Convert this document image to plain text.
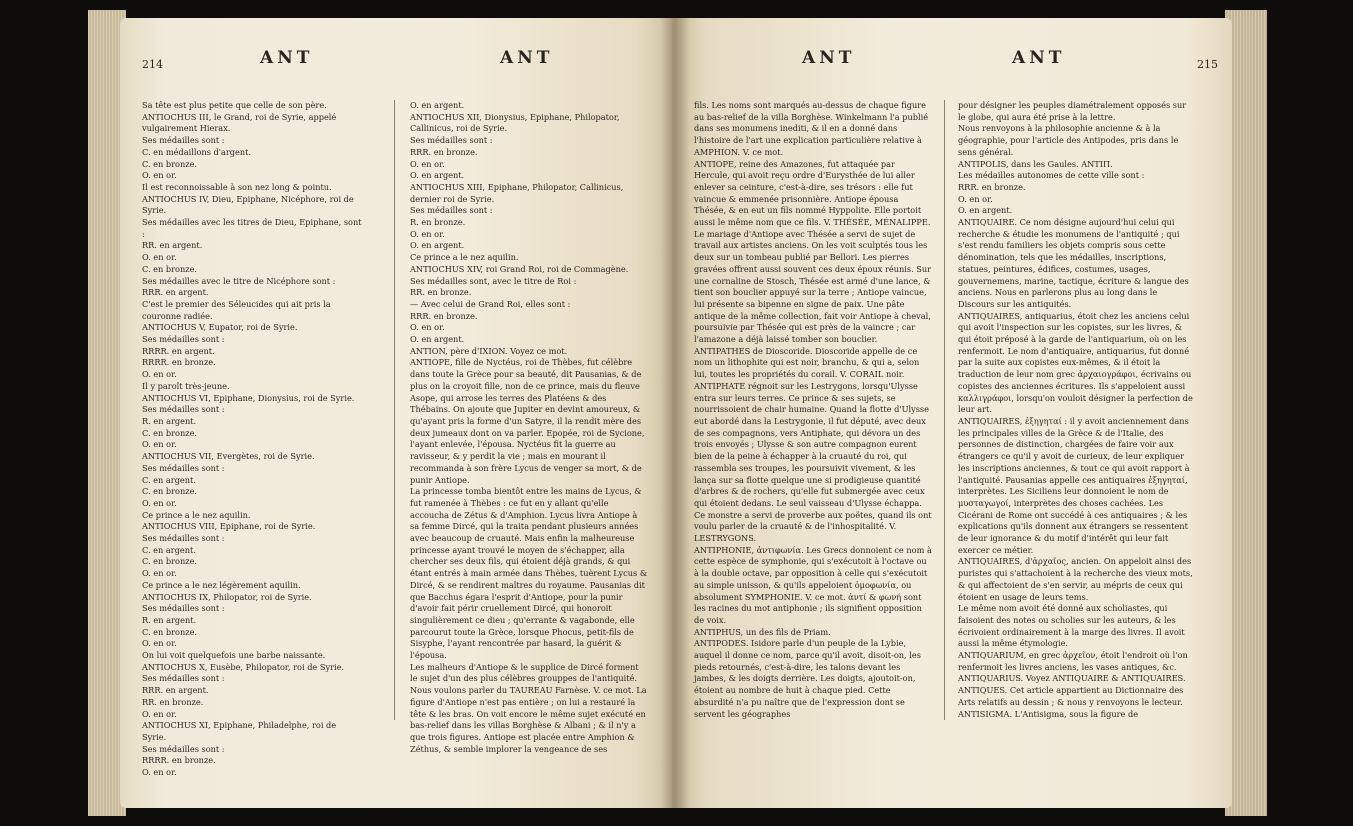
214	ANT	ANT

Sa tête est plus petite que celle de son père.

ANTIOCHUS III, le Grand, roi de Syrie, appelé vulgairement Hierax.

Ses médailles sont :

C. en médaillons d'argent.

C. en bronze.

O. en or.

Il est reconnoissable à son nez long & pointu.

ANTIOCHUS IV, Dieu, Epiphane, Nicéphore, roi de Syrie.

Ses médailles avec les titres de Dieu, Epiphane, sont :

RR. en argent.

O. en or.

C. en bronze.

Ses médailles avec le titre de Nicéphore sont :

RRR. en argent.

C'est le premier des Séleucides qui ait pris la couronne radiée.

ANTIOCHUS V, Eupator, roi de Syrie.

Ses médailles sont :

RRRR. en argent.

RRRR. en bronze.

O. en or.

Il y paroît très-jeune.

ANTIOCHUS VI, Epiphane, Dionysius, roi de Syrie.

Ses médailles sont :

R. en argent.

C. en bronze.

O. en or.

ANTIOCHUS VII, Evergètes, roi de Syrie.

Ses médailles sont :

C. en argent.

C. en bronze.

O. en or.

Ce prince a le nez aquilin.

ANTIOCHUS VIII, Epiphane, roi de Syrie.

Ses médailles sont :

C. en argent.

C. en bronze.

O. en or.

Ce prince a le nez légèrement aquilin.

ANTIOCHUS IX, Philopator, roi de Syrie.

Ses médailles sont :

R. en argent.

C. en bronze.

O. en or.

On lui voit quelquefois une barbe naissante.

ANTIOCHUS X, Eusèbe, Philopator, roi de Syrie.

Ses médailles sont :

RRR. en argent.

RR. en bronze.

O. en or.

ANTIOCHUS XI, Epiphane, Philadelphe, roi de Syrie.

Ses médailles sont :

RRRR. en bronze.

O. en or.

O. en argent.

ANTIOCHUS XII, Dionysius, Epiphane, Philopator, Callinicus, roi de Syrie.

Ses médailles sont :

RRR. en bronze.

O. en or.

O. en argent.

ANTIOCHUS XIII, Epiphane, Philopator, Callinicus, dernier roi de Syrie.

Ses médailles sont :

R. en bronze.

O. en or.

O. en argent.

Ce prince a le nez aquilin.

ANTIOCHUS XIV, roi Grand Roi, roi de Commagène.

Ses médailles sont, avec le titre de Roi :

RR. en bronze.

— Avec celui de Grand Roi, elles sont :

RRR. en bronze.

O. en or.

O. en argent.

ANTION, père d'IXION. Voyez ce mot.

ANTIOPE, fille de Nyctéus, roi de Thèbes, fut célèbre dans toute la Grèce pour sa beauté, dit Pausanias, & de plus on la croyoit fille, non de ce prince, mais du fleuve Asope, qui arrose les terres des Platéens & des Thébains. On ajoute que Jupiter en devint amoureux, & qu'ayant pris la forme d'un Satyre, il la rendit mère des deux jumeaux dont on va parler. Epopée, roi de Sycione, l'ayant enlevée, l'épousa. Nyctéus fit la guerre au ravisseur, & y perdit la vie ; mais en mourant il recommanda à son frère Lycus de venger sa mort, & de punir Antiope.

La princesse tomba bientôt entre les mains de Lycus, & fut ramenée à Thèbes : ce fut en y allant qu'elle accoucha de Zétus & d'Amphion. Lycus livra Antiope à sa femme Dircé, qui la traita pendant plusieurs années avec beaucoup de cruauté. Mais enfin la malheureuse princesse ayant trouvé le moyen de s'échapper, alla chercher ses deux fils, qui étoient déjà grands, & qui étant entrés à main armée dans Thèbes, tuèrent Lycus & Dircé, & se rendirent maîtres du royaume. Pausanias dit que Bacchus égara l'esprit d'Antiope, pour la punir d'avoir fait périr cruellement Dircé, qui honoroit singulièrement ce dieu ; qu'errante & vagabonde, elle parcourut toute la Grèce, lorsque Phocus, petit-fils de Sisyphe, l'ayant rencontrée par hasard, la guérit & l'épousa.

Les malheurs d'Antiope & le supplice de Dircé forment le sujet d'un des plus célèbres grouppes de l'antiquité. Nous voulons parler du TAUREAU Farnèse. V. ce mot. La figure d'Antiope n'est pas entière ; on lui a restauré la tête & les bras. On voit encore le même sujet exécuté en bas-relief dans les villas Borghèse & Albani ; & il n'y a que trois figures. Antiope est placée entre Amphion & Zéthus, & semble implorer la vengeance de ses

ANT	ANT	215

fils. Les noms sont marqués au-dessus de chaque figure au bas-relief de la villa Borghèse. Winkelmann l'a publié dans ses monumens inediti, & il en a donné dans l'histoire de l'art une explication particulière relative à AMPHION. V. ce mot.

ANTIOPE, reine des Amazones, fut attaquée par Hercule, qui avoit reçu ordre d'Eurysthée de lui aller enlever sa ceinture, c'est-à-dire, ses trésors : elle fut vaincue & emmenée prisonnière. Antiope épousa Thésée, & en eut un fils nommé Hyppolite. Elle portoit aussi le même nom que ce fils. V. THÉSÉE, MÉNALIPPE.

Le mariage d'Antiope avec Thésée a servi de sujet de travail aux artistes anciens. On les voit sculptés tous les deux sur un tombeau publié par Bellori. Les pierres gravées offrent aussi souvent ces deux époux réunis. Sur une cornaline de Stosch, Thésée est armé d'une lance, & tient son bouclier appuyé sur la terre ; Antiope vaincue, lui présente sa bipenne en signe de paix. Une pâte antique de la même collection, fait voir Antiope à cheval, poursuivie par Thésée qui est près de la vaincre ; car l'amazone a déjà laissé tomber son bouclier.

ANTIPATHES de Dioscoride. Dioscoride appelle de ce nom un lithophite qui est noir, branchu, & qui a, selon lui, toutes les propriétés du corail. V. CORAIL noir.

ANTIPHATE régnoit sur les Lestrygons, lorsqu'Ulysse entra sur leurs terres. Ce prince & ses sujets, se nourrissoient de chair humaine. Quand la flotte d'Ulysse eut abordé dans la Lestrygonie, il fut député, avec deux de ses compagnons, vers Antiphate, qui dévora un des trois envoyés ; Ulysse & son autre compagnon eurent bien de la peine à échapper à la cruauté du roi, qui rassembla ses troupes, les poursuivit vivement, & les lança sur sa flotte quelque une si prodigieuse quantité d'arbres & de rochers, qu'elle fut submergée avec ceux qui étoient dedans. Le seul vaisseau d'Ulysse échappa. Ce monstre a servi de proverbe aux poëtes, quand ils ont voulu parler de la cruauté & de l'inhospitalité. V. LESTRYGONS.

ANTIPHONIE, ἀντιφωνία. Les Grecs donnoient ce nom à cette espèce de symphonie, qui s'exécutoit à l'octave ou à la double octave, par opposition à celle qui s'exécutoit au simple unisson, & qu'ils appeloient ὁμοφωνία, ou absolument SYMPHONIE. V. ce mot. ἀντί & φωνή sont les racines du mot antiphonie ; ils signifient opposition de voix.

ANTIPHUS, un des fils de Priam.

ANTIPODES. Isidore parle d'un peuple de la Lybie, auquel il donne ce nom, parce qu'il avoit, disoit-on, les pieds retournés, c'est-à-dire, les talons devant les jambes, & les doigts derrière. Les doigts, ajoutoit-on, étoient au nombre de huit à chaque pied. Cette absurdité n'a pu naître que de l'expression dont se servent les géographes

pour désigner les peuples diamétralement opposés sur le globe, qui aura été prise à la lettre.

Nous renvoyons à la philosophie ancienne & à la géographie, pour l'article des Antipodes, pris dans le sens général.

ANTIPOLIS, dans les Gaules. ANTIΠ.

Les médailles autonomes de cette ville sont :

RRR. en bronze.

O. en or.

O. en argent.

ANTIQUAIRE. Ce nom désigne aujourd'hui celui qui recherche & étudie les monumens de l'antiquité ; qui s'est rendu familiers les objets compris sous cette dénomination, tels que les médailles, inscriptions, statues, peintures, édifices, costumes, usages, gouvernemens, marine, tactique, écriture & langue des anciens. Nous en parlerons plus au long dans le Discours sur les antiquités.

ANTIQUAIRES, antiquarius, étoit chez les anciens celui qui avoit l'inspection sur les copistes, sur les livres, & qui étoit préposé à la garde de l'antiquarium, où on les renfermoit. Le nom d'antiquaire, antiquarius, fut donné par la suite aux copistes eux-mêmes, & il étoit la traduction de leur nom grec ἀρχαιογράφοι, écrivains ou copistes des anciennes écritures. Ils s'appeloient aussi καλλιγράφοι, lorsqu'on vouloit désigner la perfection de leur art.

ANTIQUAIRES, ἐξηγηταί : il y avoit anciennement dans les principales villes de la Grèce & de l'Italie, des personnes de distinction, chargées de faire voir aux étrangers ce qu'il y avoit de curieux, de leur expliquer les inscriptions anciennes, & tout ce qui avoit rapport à l'antiquité. Pausanias appelle ces antiquaires ἐξηγηταί, interprètes. Les Siciliens leur donnoient le nom de μυσταγωγοί, interprètes des choses cachées. Les Cicérani de Rome ont succédé à ces antiquaires ; & les explications qu'ils donnent aux étrangers se ressentent de leur ignorance & du motif d'intérêt qui leur fait exercer ce métier.

ANTIQUAIRES, d'ἀρχαῖος, ancien. On appeloit ainsi des puristes qui s'attachoient à la recherche des vieux mots, & qui affectoient de s'en servir, au mépris de ceux qui étoient en usage de leurs tems.

Le même nom avoit été donné aux scholiastes, qui faisoient des notes ou scholies sur les auteurs, & les écrivoient ordinairement à la marge des livres. Il avoit aussi la même étymologie.

ANTIQUARIUM, en grec ἀρχεῖον, étoit l'endroit où l'on renfermoit les livres anciens, les vases antiques, &c.

ANTIQUARIUS. Voyez ANTIQUAIRE & ANTIQUAIRES.

ANTIQUES. Cet article appartient au Dictionnaire des Arts relatifs au dessin ; & nous y renvoyons le lecteur.

ANTISIGMA. L'Antisigma, sous la figure de
